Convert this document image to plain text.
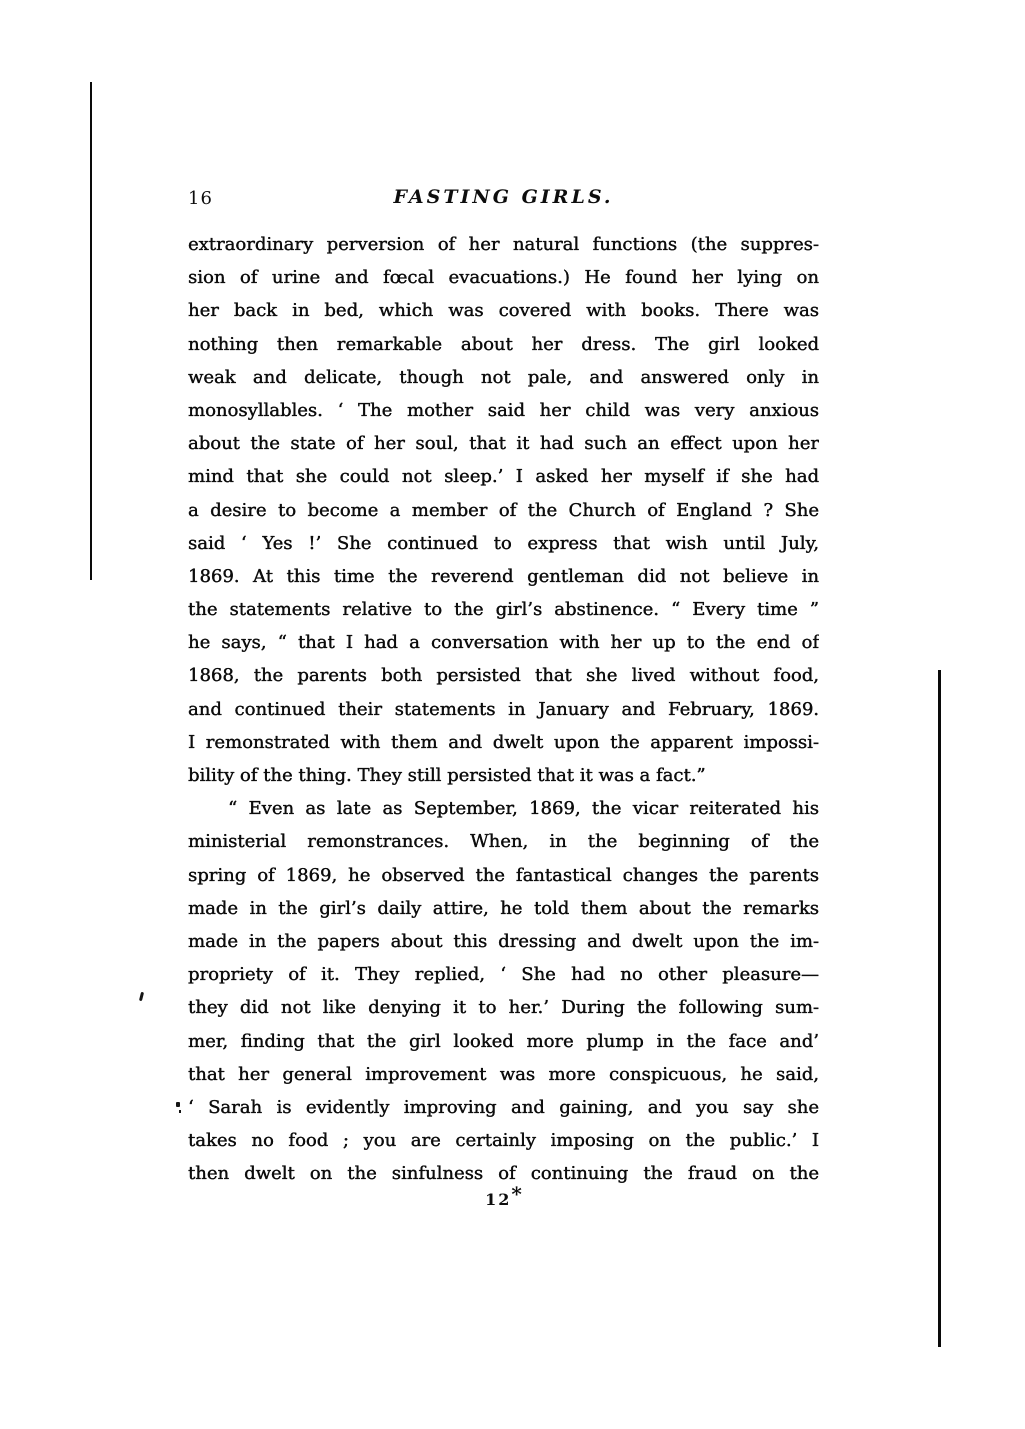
16	FASTING GIRLS.
extraordinary perversion of her natural functions (the suppres-
sion of urine and fœcal evacuations.) He found her lying on
her back in bed, which was covered with books. There was
nothing then remarkable about her dress. The girl looked
weak and delicate, though not pale, and answered only in
monosyllables. ‘ The mother said her child was very anxious
about the state of her soul, that it had such an effect upon her
mind that she could not sleep.’ I asked her myself if she had
a desire to become a member of the Church of England ? She
said ‘ Yes !’ She continued to express that wish until July,
1869. At this time the reverend gentleman did not believe in
the statements relative to the girl’s abstinence. “ Every time ”
he says, “ that I had a conversation with her up to the end of
1868, the parents both persisted that she lived without food,
and continued their statements in January and February, 1869.
I remonstrated with them and dwelt upon the apparent impossi-
bility of the thing. They still persisted that it was a fact.”
“ Even as late as September, 1869, the vicar reiterated his
ministerial remonstrances. When, in the beginning of the
spring of 1869, he observed the fantastical changes the parents
made in the girl’s daily attire, he told them about the remarks
made in the papers about this dressing and dwelt upon the im-
propriety of it. They replied, ‘ She had no other pleasure—
they did not like denying it to her.’ During the following sum-
mer, finding that the girl looked more plump in the face and’
that her general improvement was more conspicuous, he said,
‘ Sarah is evidently improving and gaining, and you say she
takes no food ; you are certainly imposing on the public.’ I
then dwelt on the sinfulness of continuing the fraud on the
12*
